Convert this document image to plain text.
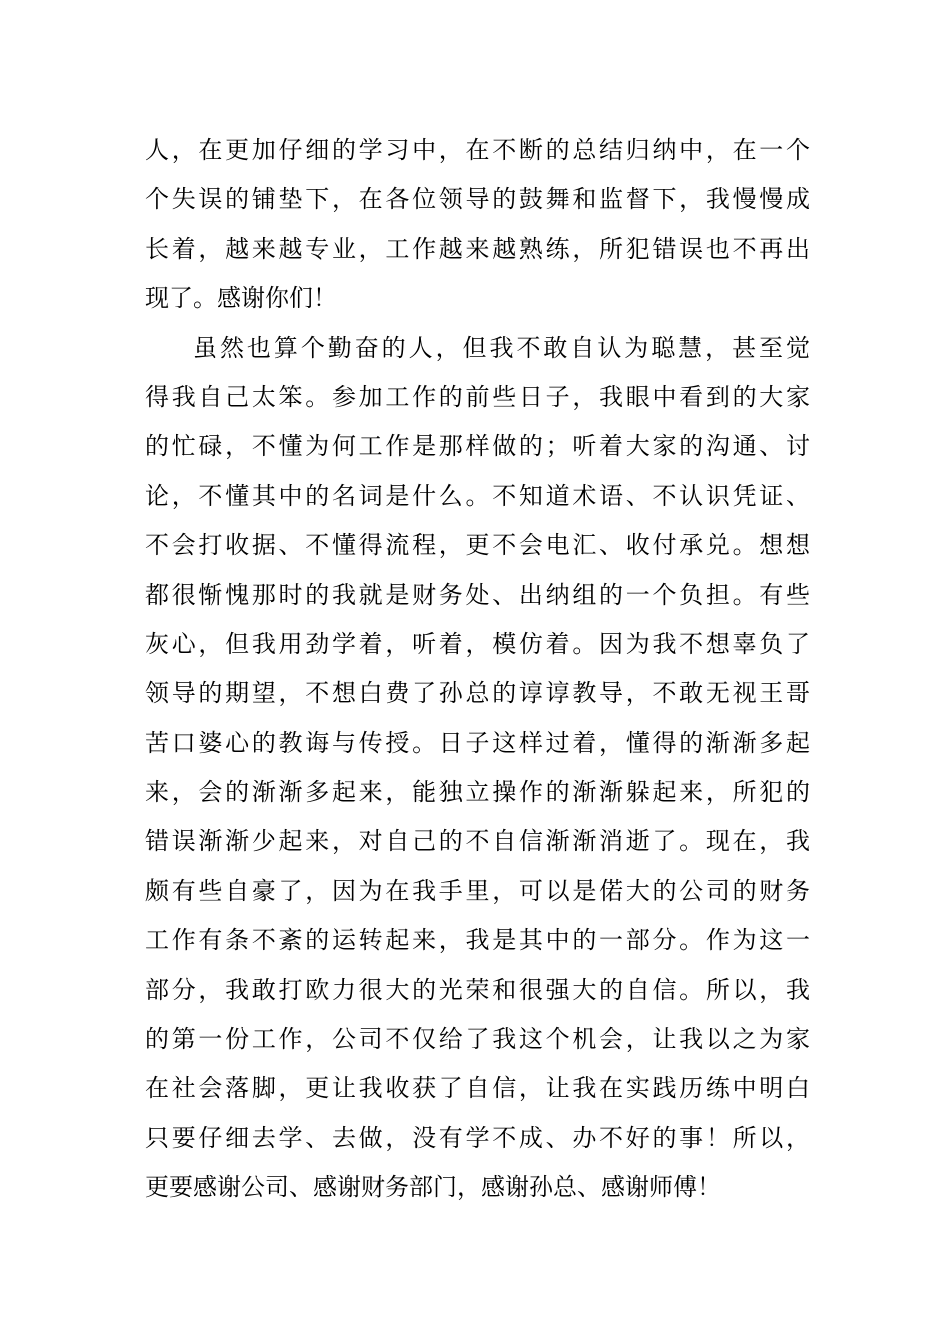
人，在更加仔细的学习中，在不断的总结归纳中，在一个
个失误的铺垫下，在各位领导的鼓舞和监督下，我慢慢成
长着，越来越专业，工作越来越熟练，所犯错误也不再出
现了。感谢你们！
虽然也算个勤奋的人，但我不敢自认为聪慧，甚至觉
得我自己太笨。参加工作的前些日子，我眼中看到的大家
的忙碌，不懂为何工作是那样做的；听着大家的沟通、讨
论，不懂其中的名词是什么。不知道术语、不认识凭证、
不会打收据、不懂得流程，更不会电汇、收付承兑。想想
都很惭愧那时的我就是财务处、出纳组的一个负担。有些
灰心，但我用劲学着，听着，模仿着。因为我不想辜负了
领导的期望，不想白费了孙总的谆谆教导，不敢无视王哥
苦口婆心的教诲与传授。日子这样过着，懂得的渐渐多起
来，会的渐渐多起来，能独立操作的渐渐躲起来，所犯的
错误渐渐少起来，对自己的不自信渐渐消逝了。现在，我
颇有些自豪了，因为在我手里，可以是偌大的公司的财务
工作有条不紊的运转起来，我是其中的一部分。作为这一
部分，我敢打欧力很大的光荣和很强大的自信。所以，我
的第一份工作，公司不仅给了我这个机会，让我以之为家
在社会落脚，更让我收获了自信，让我在实践历练中明白
只要仔细去学、去做，没有学不成、办不好的事！所以，
更要感谢公司、感谢财务部门，感谢孙总、感谢师傅！
